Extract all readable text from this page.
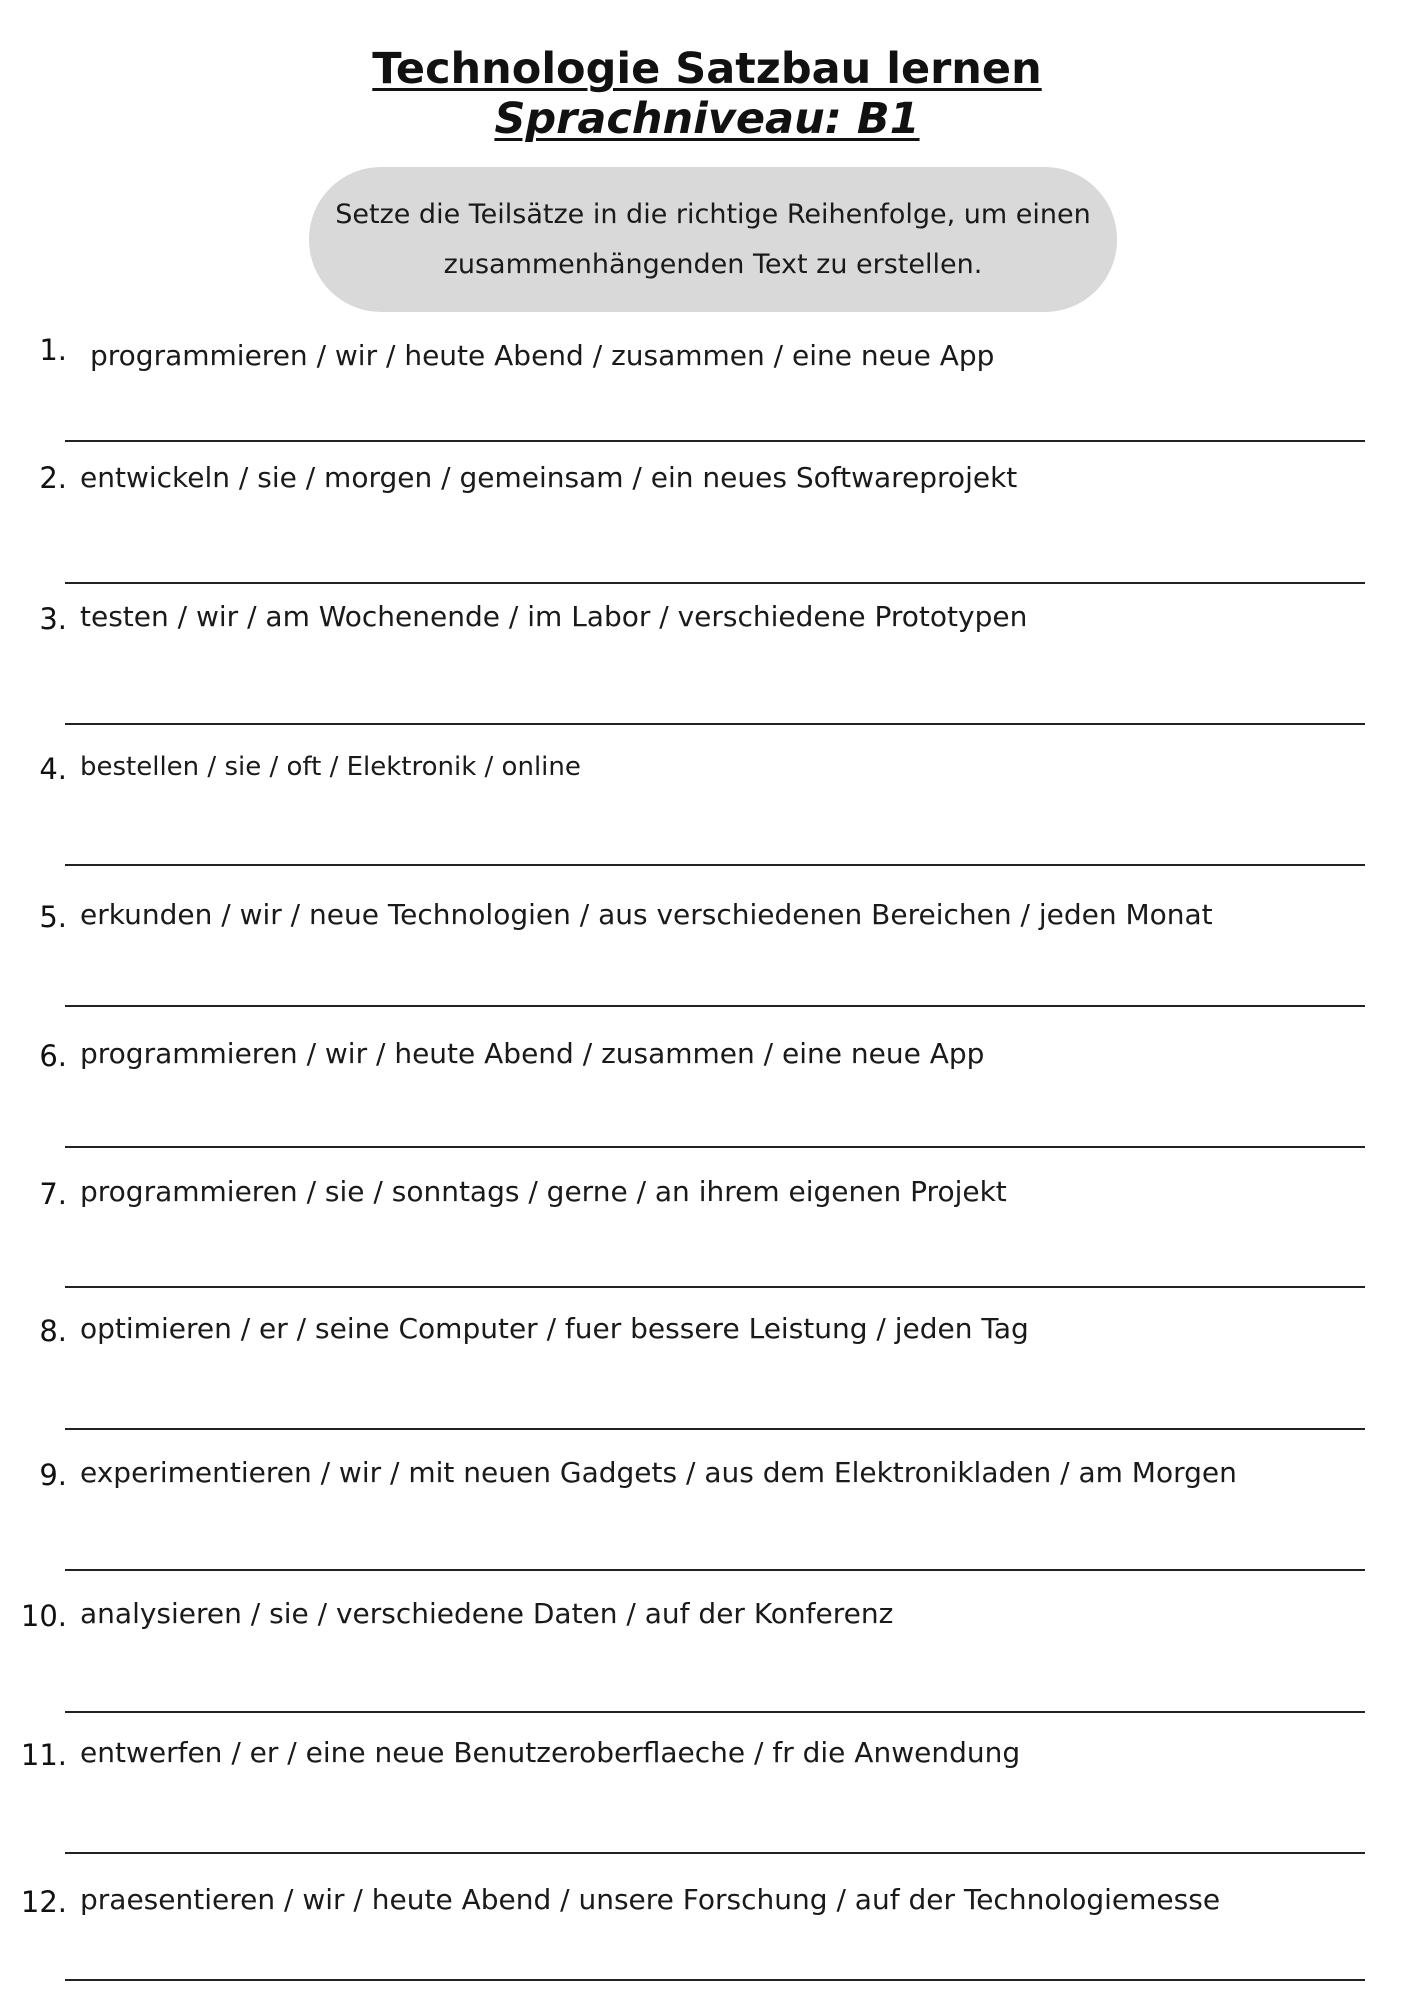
Technologie Satzbau lernen
Sprachniveau: B1
Setze die Teilsätze in die richtige Reihenfolge, um einen zusammenhängenden Text zu erstellen.
1. programmieren / wir / heute Abend / zusammen / eine neue App
2. entwickeln / sie / morgen / gemeinsam / ein neues Softwareprojekt
3. testen / wir / am Wochenende / im Labor / verschiedene Prototypen
4. bestellen / sie / oft / Elektronik / online
5. erkunden / wir / neue Technologien / aus verschiedenen Bereichen / jeden Monat
6. programmieren / wir / heute Abend / zusammen / eine neue App
7. programmieren / sie / sonntags / gerne / an ihrem eigenen Projekt
8. optimieren / er / seine Computer / fuer bessere Leistung / jeden Tag
9. experimentieren / wir / mit neuen Gadgets / aus dem Elektronikladen / am Morgen
10. analysieren / sie / verschiedene Daten / auf der Konferenz
11. entwerfen / er / eine neue Benutzeroberflaeche / fr die Anwendung
12. praesentieren / wir / heute Abend / unsere Forschung / auf der Technologiemesse
